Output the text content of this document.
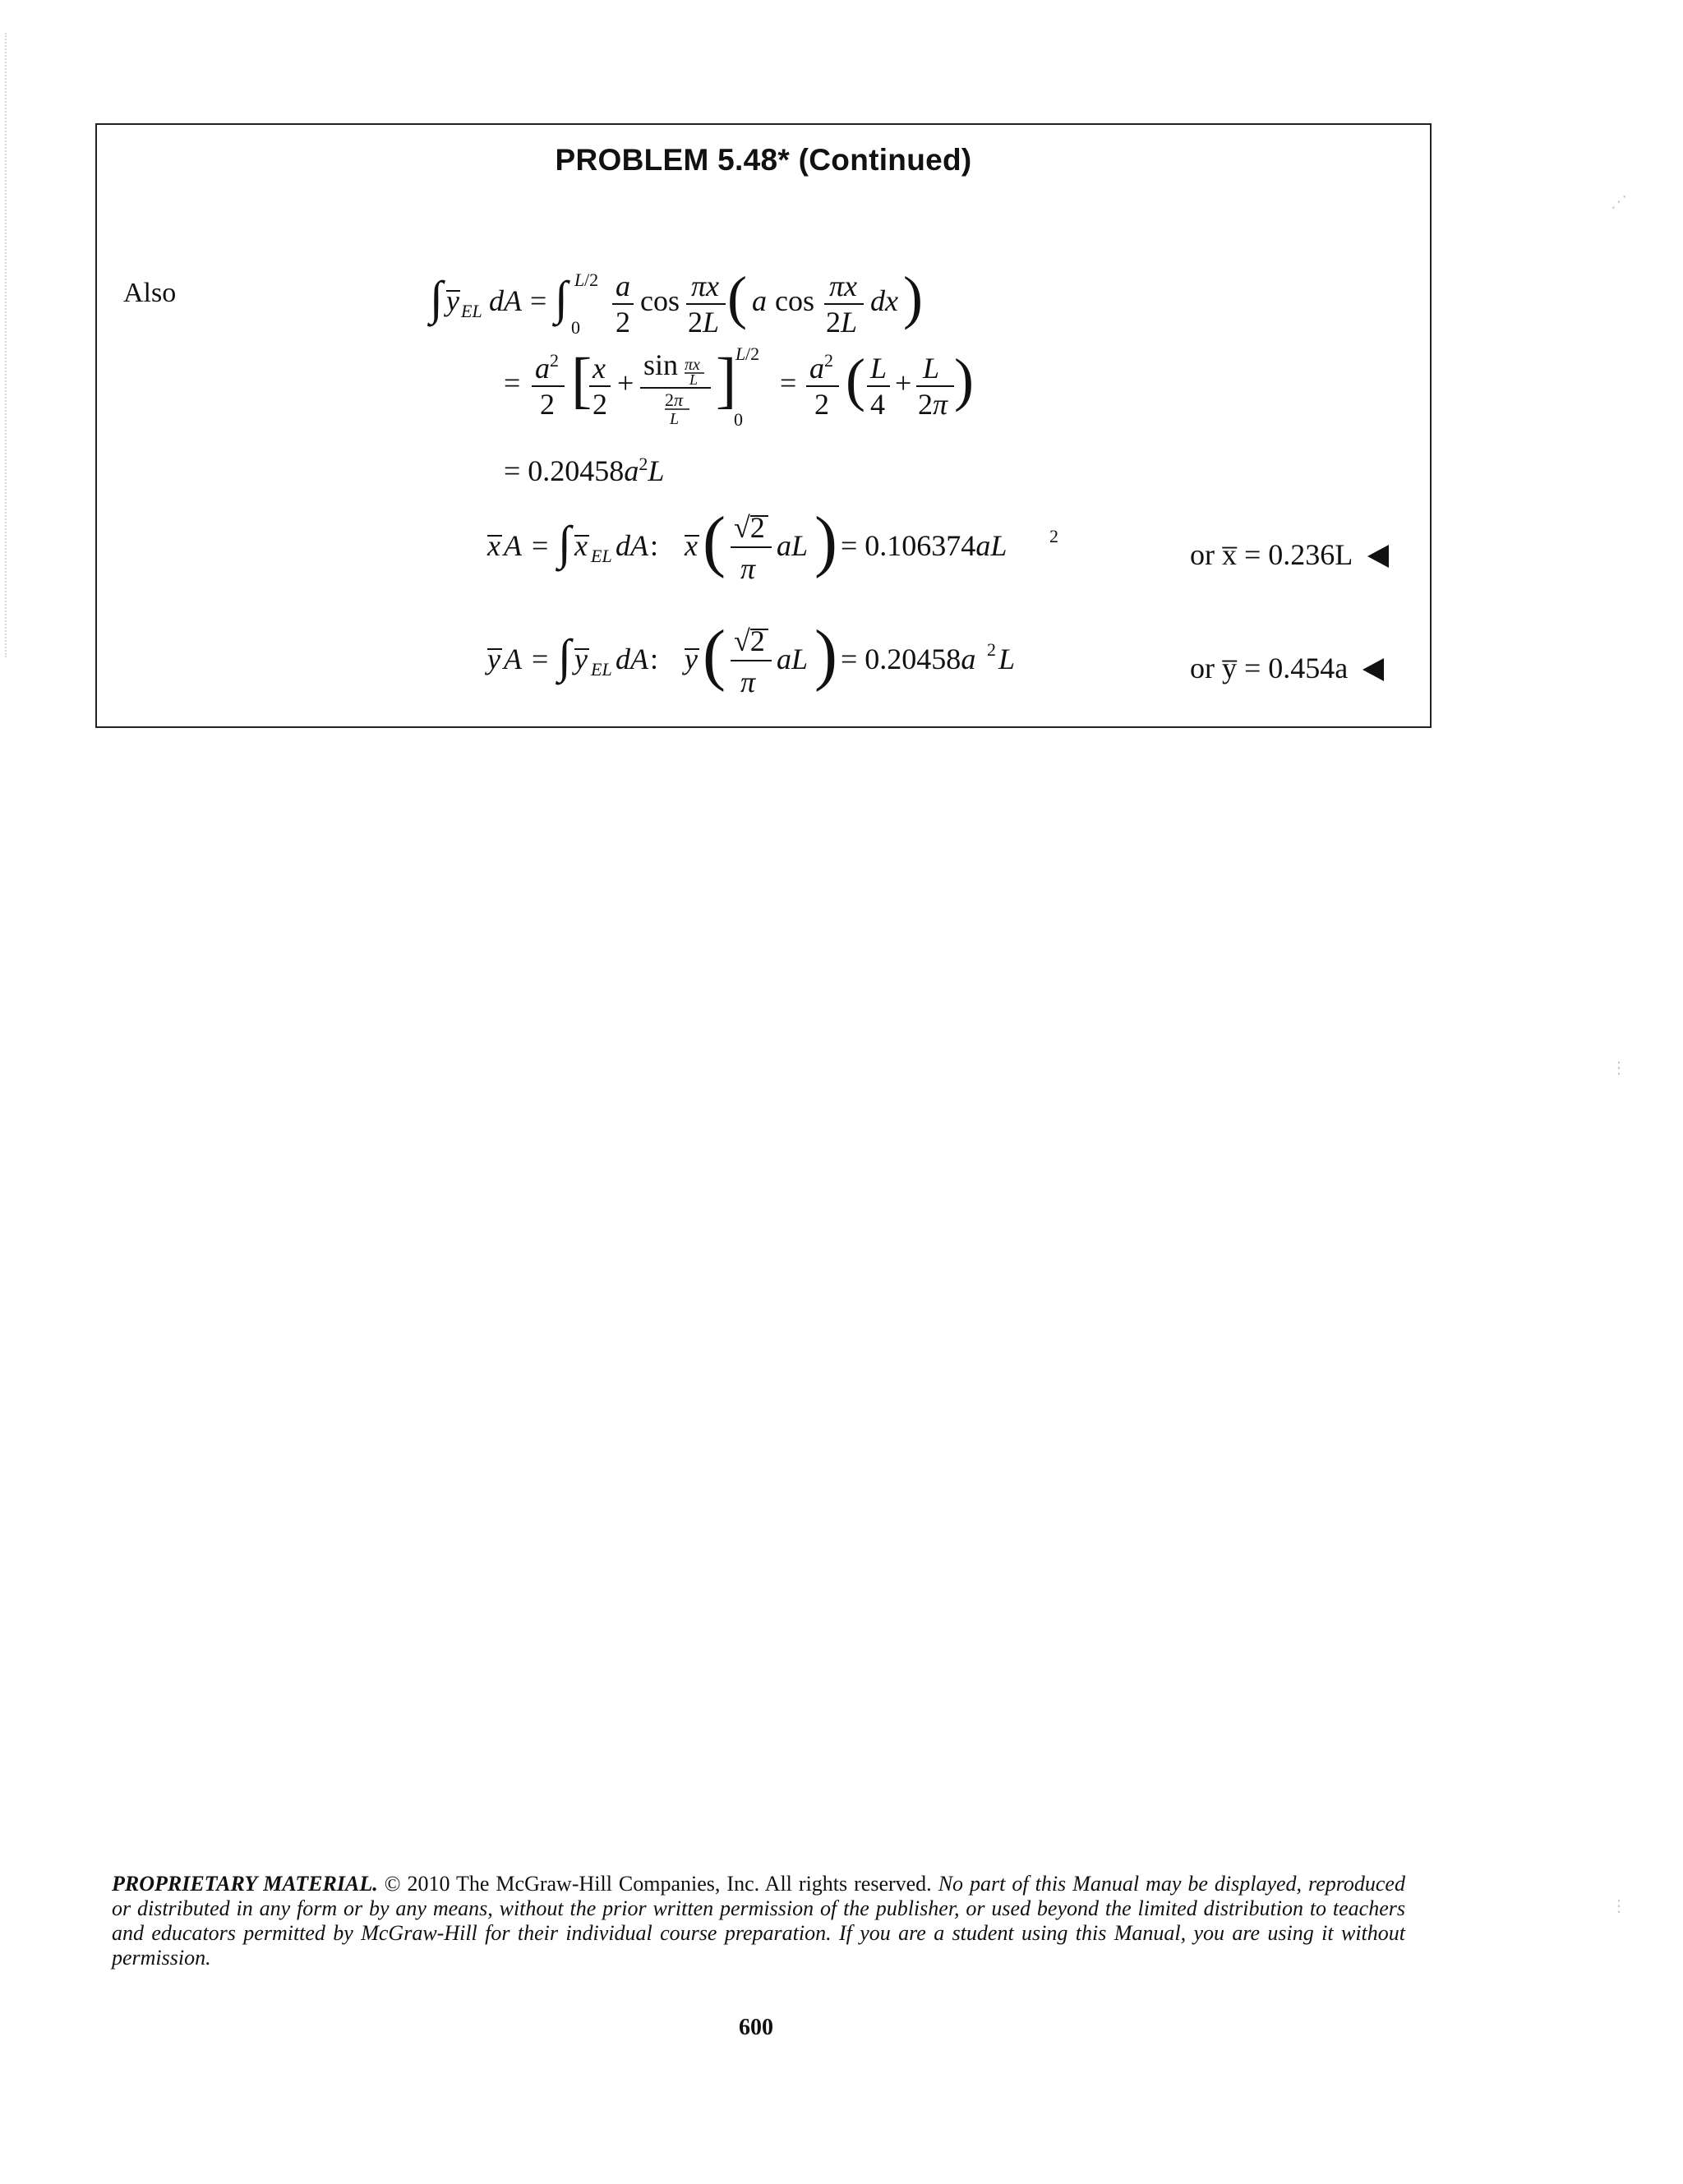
⋰
⋮
⋮
PROBLEM 5.48* (Continued)
Also	∫ y EL dA = ∫ L /2
0
a
2
cos πx
2L ( a cos πx
2L
dx )
= a 2
2 [ x
2
+
sin πx
L
2π
L
]
L /2
0
= a 2
2 ( L
4
+ L
2π )
= $0.20458a^2L$
x A = ∫ x EL dA : x ( √2
π
aL ) = 0.106374aL 2
y A = ∫ y EL dA : y ( √2
π
aL ) = 0.20458a 2 L
or x̅ = 0.236L
or y̅ = 0.454a
PROPRIETARY MATERIAL. © 2010 The McGraw-Hill Companies, Inc. All rights reserved. No part of this Manual may be displayed, reproduced or distributed in any form or by any means, without the prior written permission of the publisher, or used beyond the limited distribution to teachers and educators permitted by McGraw-Hill for their individual course preparation. If you are a student using this Manual, you are using it without permission.
600
